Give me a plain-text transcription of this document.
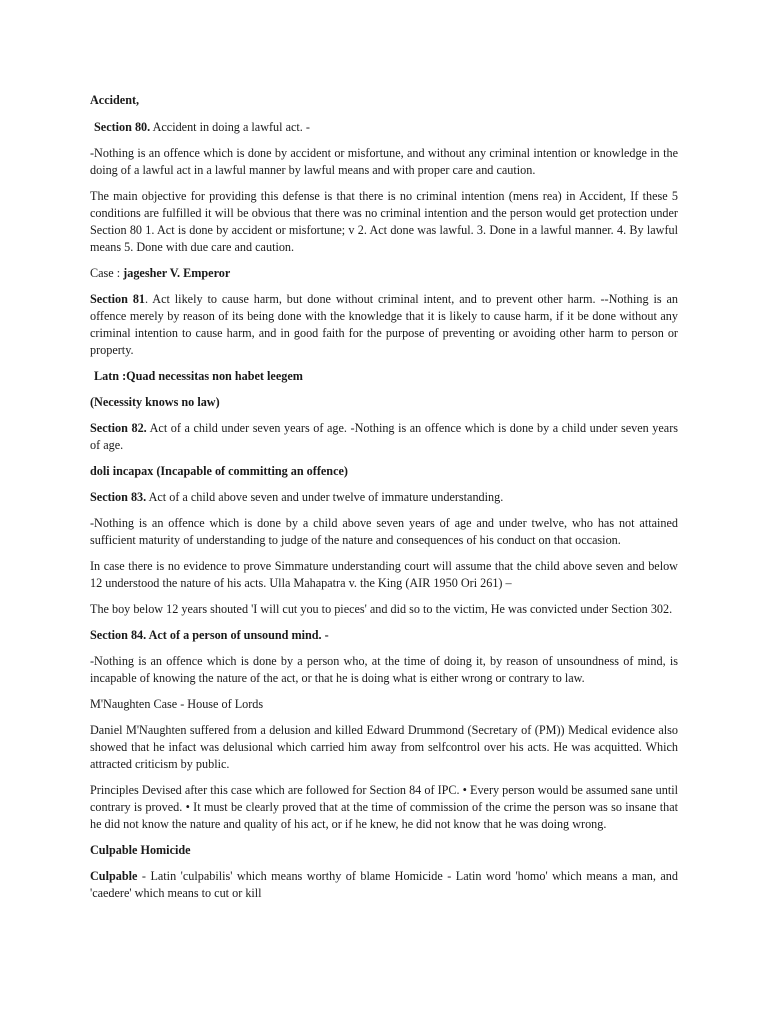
Accident,

Section 80. Accident in doing a lawful act. -

-Nothing is an offence which is done by accident or misfortune, and without any criminal intention or knowledge in the doing of a lawful act in a lawful manner by lawful means and with proper care and caution.

The main objective for providing this defense is that there is no criminal intention (mens rea) in Accident, If these 5 conditions are fulfilled it will be obvious that there was no criminal intention and the person would get protection under Section 80 1. Act is done by accident or misfortune; v 2. Act done was lawful. 3. Done in a lawful manner. 4. By lawful means 5. Done with due care and caution.

Case : jagesher V. Emperor

Section 81. Act likely to cause harm, but done without criminal intent, and to prevent other harm. --Nothing is an offence merely by reason of its being done with the knowledge that it is likely to cause harm, if it be done without any criminal intention to cause harm, and in good faith for the purpose of preventing or avoiding other harm to person or property.

Latn :Quad necessitas non habet leegem

(Necessity knows no law)

Section 82. Act of a child under seven years of age. -Nothing is an offence which is done by a child under seven years of age.

doli incapax (Incapable of committing an offence)

Section 83. Act of a child above seven and under twelve of immature understanding.

-Nothing is an offence which is done by a child above seven years of age and under twelve, who has not attained sufficient maturity of understanding to judge of the nature and consequences of his conduct on that occasion.

In case there is no evidence to prove Simmature understanding court will assume that the child above seven and below 12 understood the nature of his acts. Ulla Mahapatra v. the King (AIR 1950 Ori 261) –

The boy below 12 years shouted 'I will cut you to pieces' and did so to the victim, He was convicted under Section 302.

Section 84. Act of a person of unsound mind. -

-Nothing is an offence which is done by a person who, at the time of doing it, by reason of unsoundness of mind, is incapable of knowing the nature of the act, or that he is doing what is either wrong or contrary to law.

M'Naughten Case - House of Lords

Daniel M'Naughten suffered from a delusion and killed Edward Drummond (Secretary of (PM)) Medical evidence also showed that he infact was delusional which carried him away from selfcontrol over his acts. He was acquitted. Which attracted criticism by public.

Principles Devised after this case which are followed for Section 84 of IPC. • Every person would be assumed sane until contrary is proved. • It must be clearly proved that at the time of commission of the crime the person was so insane that he did not know the nature and quality of his act, or if he knew, he did not know that he was doing wrong.

Culpable Homicide

Culpable - Latin 'culpabilis' which means worthy of blame Homicide - Latin word 'homo' which means a man, and 'caedere' which means to cut or kill
